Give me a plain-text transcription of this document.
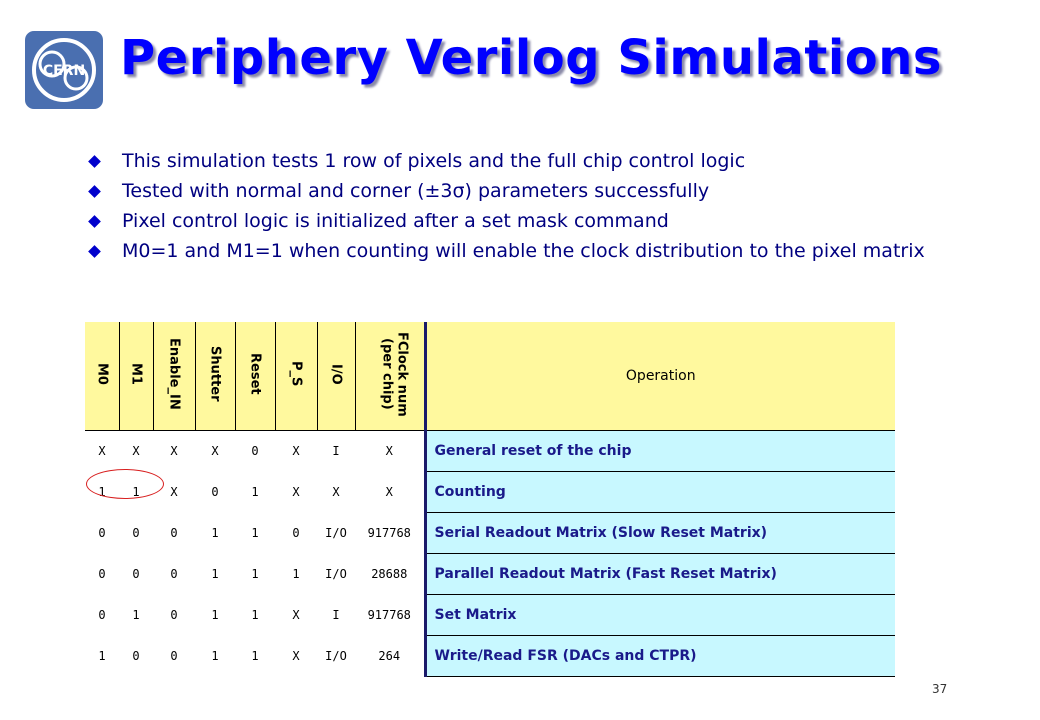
CERN Periphery Verilog Simulations
This simulation tests 1 row of pixels and the full chip control logic
Tested with normal and corner (±3σ) parameters successfully
Pixel control logic is initialized after a set mask command
M0=1 and M1=1 when counting will enable the clock distribution to the pixel matrix
M0	M1	Enable_IN	Shutter	Reset	P_S	I/O	FClock num (per chip)	Operation
X	X	X	X	0	X	I	X	General reset of the chip
1	1	X	0	1	X	X	X	Counting
0	0	0	1	1	0	I/O	917768	Serial Readout Matrix (Slow Reset Matrix)
0	0	0	1	1	1	I/O	28688	Parallel Readout Matrix (Fast Reset Matrix)
0	1	0	1	1	X	I	917768	Set Matrix
1	0	0	1	1	X	I/O	264	Write/Read FSR (DACs and CTPR)
37
